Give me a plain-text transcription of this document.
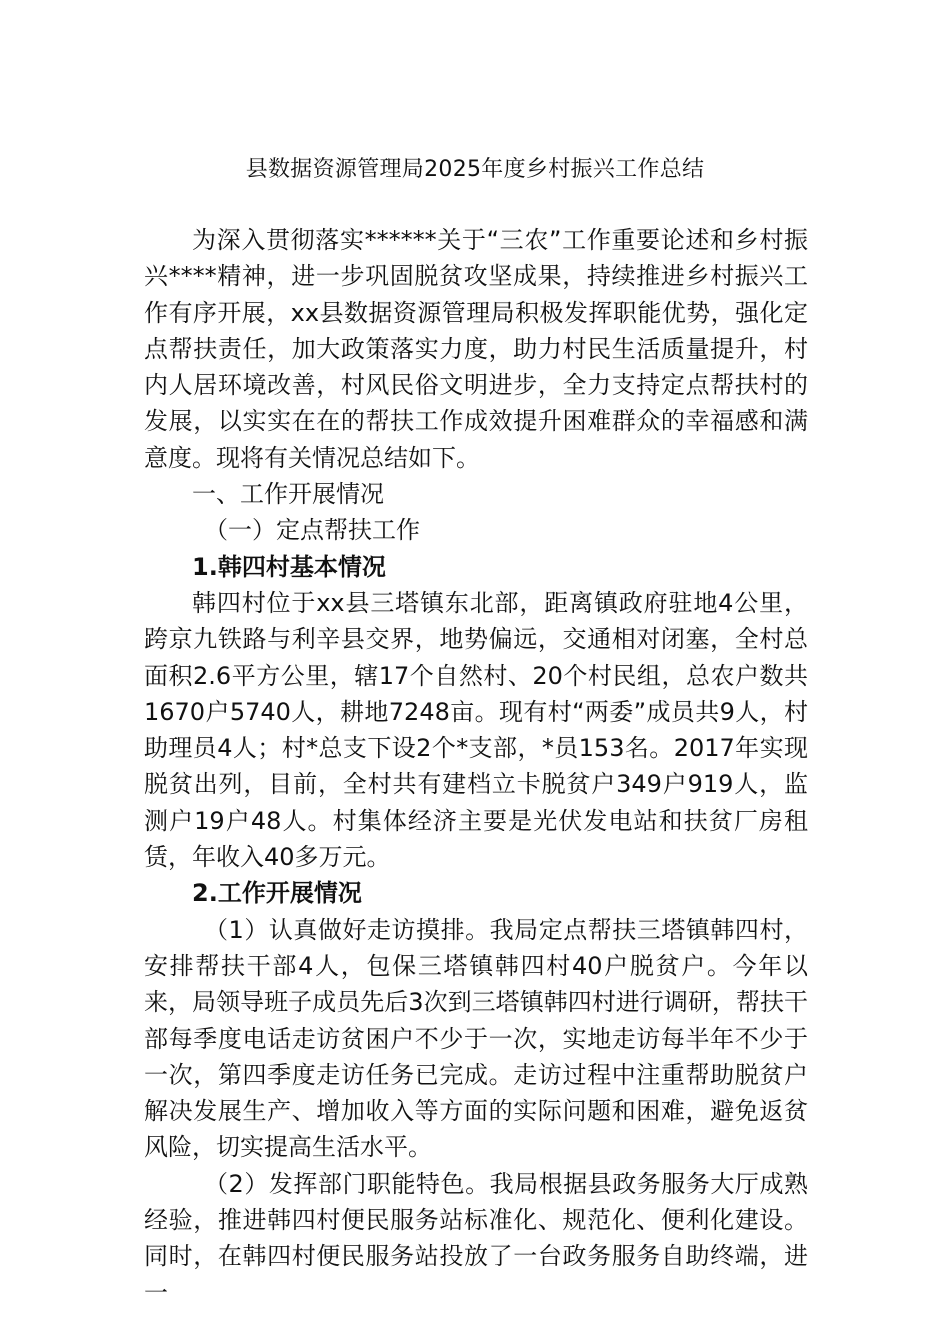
县数据资源管理局2025年度乡村振兴工作总结

为深入贯彻落实******关于“三农”工作重要论述和乡村振兴****精神，进一步巩固脱贫攻坚成果，持续推进乡村振兴工作有序开展，xx县数据资源管理局积极发挥职能优势，强化定点帮扶责任，加大政策落实力度，助力村民生活质量提升，村内人居环境改善，村风民俗文明进步，全力支持定点帮扶村的发展，以实实在在的帮扶工作成效提升困难群众的幸福感和满意度。现将有关情况总结如下。

一、工作开展情况

（一）定点帮扶工作

1.韩四村基本情况

韩四村位于xx县三塔镇东北部，距离镇政府驻地4公里，跨京九铁路与利辛县交界，地势偏远，交通相对闭塞，全村总面积2.6平方公里，辖17个自然村、20个村民组，总农户数共1670户5740人，耕地7248亩。现有村“两委”成员共9人，村助理员4人；村*总支下设2个*支部，*员153名。2017年实现脱贫出列，目前，全村共有建档立卡脱贫户349户919人，监测户19户48人。村集体经济主要是光伏发电站和扶贫厂房租赁，年收入40多万元。

2.工作开展情况

（1）认真做好走访摸排。我局定点帮扶三塔镇韩四村，安排帮扶干部4人，包保三塔镇韩四村40户脱贫户。今年以来，局领导班子成员先后3次到三塔镇韩四村进行调研，帮扶干部每季度电话走访贫困户不少于一次，实地走访每半年不少于一次，第四季度走访任务已完成。走访过程中注重帮助脱贫户解决发展生产、增加收入等方面的实际问题和困难，避免返贫风险，切实提高生活水平。

（2）发挥部门职能特色。我局根据县政务服务大厅成熟经验，推进韩四村便民服务站标准化、规范化、便利化建设。同时，在韩四村便民服务站投放了一台政务服务自助终端，进一
